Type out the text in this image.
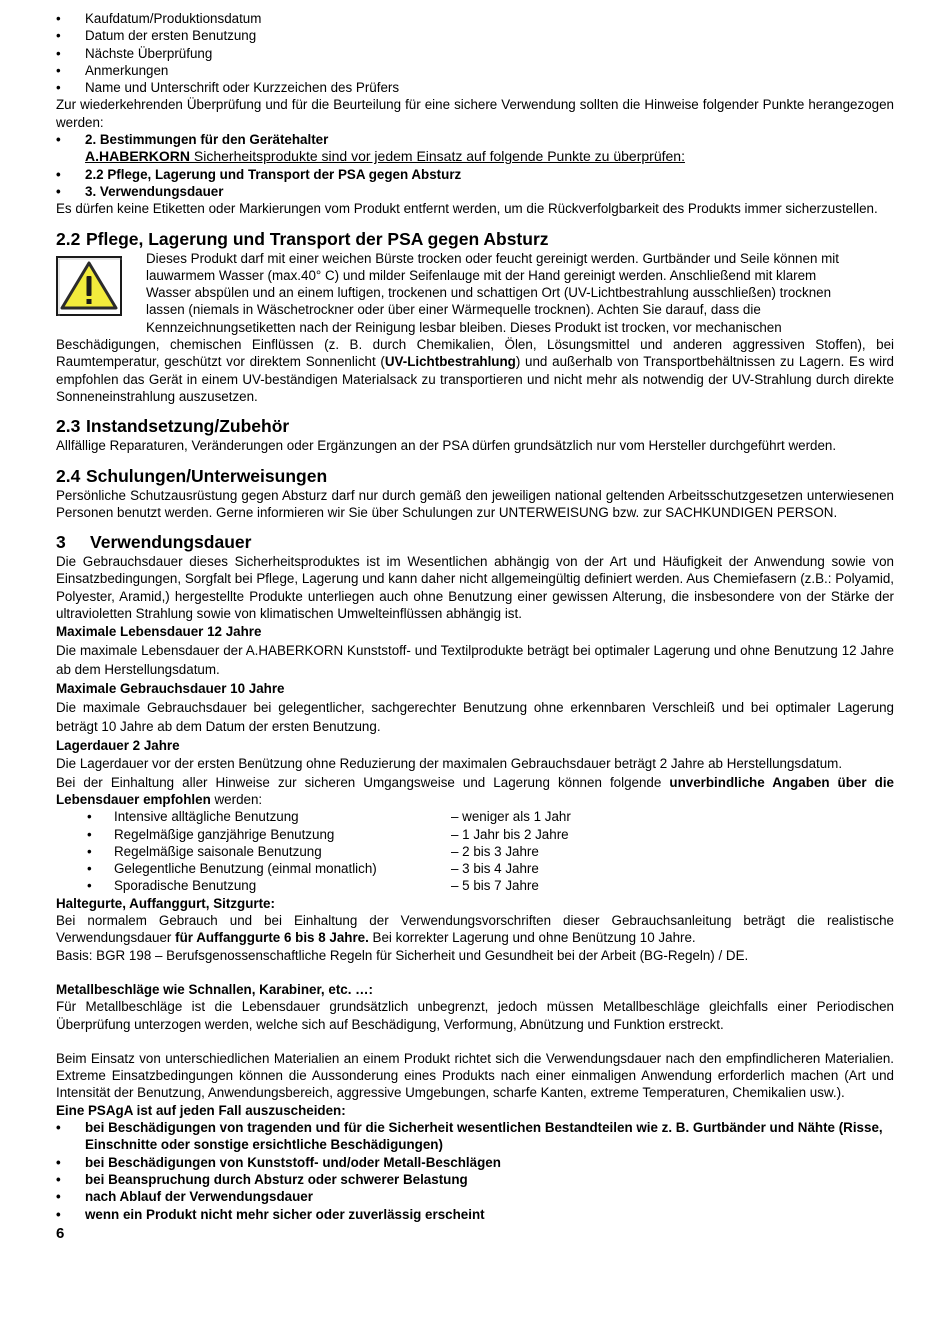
• Kaufdatum/Produktionsdatum
• Datum der ersten Benutzung
• Nächste Überprüfung
• Anmerkungen
• Name und Unterschrift oder Kurzzeichen des Prüfers

Zur wiederkehrenden Überprüfung und für die Beurteilung für eine sichere Verwendung sollten die Hinweise folgender Punkte herangezogen werden:

• 2. Bestimmungen für den Gerätehalter
A.HABERKORN Sicherheitsprodukte sind vor jedem Einsatz auf folgende Punkte zu überprüfen:
• 2.2 Pflege, Lagerung und Transport der PSA gegen Absturz
• 3. Verwendungsdauer

Es dürfen keine Etiketten oder Markierungen vom Produkt entfernt werden, um die Rückverfolgbarkeit des Produkts immer sicherzustellen.

2.2 Pflege, Lagerung und Transport der PSA gegen Absturz

Dieses Produkt darf mit einer weichen Bürste trocken oder feucht gereinigt werden. Gurtbänder und Seile können mit

lauwarmem Wasser (max.40° C) und milder Seifenlauge mit der Hand gereinigt werden. Anschließend mit klarem

Wasser abspülen und an einem luftigen, trockenen und schattigen Ort (UV-Lichtbestrahlung ausschließen) trocknen

lassen (niemals in Wäschetrockner oder über einer Wärmequelle trocknen). Achten Sie darauf, dass die

Kennzeichnungsetiketten nach der Reinigung lesbar bleiben. Dieses Produkt ist trocken, vor mechanischen

Beschädigungen, chemischen Einflüssen (z. B. durch Chemikalien, Ölen, Lösungsmittel und anderen aggressiven Stoffen), bei Raumtemperatur, geschützt vor direktem Sonnenlicht (UV-Lichtbestrahlung) und außerhalb von Transportbehältnissen zu Lagern. Es wird empfohlen das Gerät in einem UV-beständigen Materialsack zu transportieren und nicht mehr als notwendig der UV-Strahlung durch direkte Sonneneinstrahlung auszusetzen.

2.3 Instandsetzung/Zubehör

Allfällige Reparaturen, Veränderungen oder Ergänzungen an der PSA dürfen grundsätzlich nur vom Hersteller durchgeführt werden.

2.4 Schulungen/Unterweisungen

Persönliche Schutzausrüstung gegen Absturz darf nur durch gemäß den jeweiligen national geltenden Arbeitsschutzgesetzen unterwiesenen Personen benutzt werden. Gerne informieren wir Sie über Schulungen zur UNTERWEISUNG bzw. zur SACHKUNDIGEN PERSON.

3	Verwendungsdauer

Die Gebrauchsdauer dieses Sicherheitsproduktes ist im Wesentlichen abhängig von der Art und Häufigkeit der Anwendung sowie von Einsatzbedingungen, Sorgfalt bei Pflege, Lagerung und kann daher nicht allgemeingültig definiert werden. Aus Chemiefasern (z.B.: Polyamid, Polyester, Aramid,) hergestellte Produkte unterliegen auch ohne Benutzung einer gewissen Alterung, die insbesondere von der Stärke der ultravioletten Strahlung sowie von klimatischen Umwelteinflüssen abhängig ist.

Maximale Lebensdauer 12 Jahre

Die maximale Lebensdauer der A.HABERKORN Kunststoff- und Textilprodukte beträgt bei optimaler Lagerung und ohne Benutzung 12 Jahre ab dem Herstellungsdatum.

Maximale Gebrauchsdauer 10 Jahre

Die maximale Gebrauchsdauer bei gelegentlicher, sachgerechter Benutzung ohne erkennbaren Verschleiß und bei optimaler Lagerung beträgt 10 Jahre ab dem Datum der ersten Benutzung.

Lagerdauer 2 Jahre

Die Lagerdauer vor der ersten Benützung ohne Reduzierung der maximalen Gebrauchsdauer beträgt 2 Jahre ab Herstellungsdatum.

Bei der Einhaltung aller Hinweise zur sicheren Umgangsweise und Lagerung können folgende unverbindliche Angaben über die Lebensdauer empfohlen werden:

• Intensive alltägliche Benutzung	– weniger als 1 Jahr
• Regelmäßige ganzjährige Benutzung	– 1 Jahr bis 2 Jahre
• Regelmäßige saisonale Benutzung	– 2 bis 3 Jahre
• Gelegentliche Benutzung (einmal monatlich)	– 3 bis 4 Jahre
• Sporadische Benutzung	– 5 bis 7 Jahre

Haltegurte, Auffanggurt, Sitzgurte:

Bei normalem Gebrauch und bei Einhaltung der Verwendungsvorschriften dieser Gebrauchsanleitung beträgt die realistische Verwendungsdauer für Auffanggurte 6 bis 8 Jahre. Bei korrekter Lagerung und ohne Benützung 10 Jahre.

Basis: BGR 198 – Berufsgenossenschaftliche Regeln für Sicherheit und Gesundheit bei der Arbeit (BG-Regeln) / DE.

Metallbeschläge wie Schnallen, Karabiner, etc. …:

Für Metallbeschläge ist die Lebensdauer grundsätzlich unbegrenzt, jedoch müssen Metallbeschläge gleichfalls einer Periodischen Überprüfung unterzogen werden, welche sich auf Beschädigung, Verformung, Abnützung und Funktion erstreckt.

Beim Einsatz von unterschiedlichen Materialien an einem Produkt richtet sich die Verwendungsdauer nach den empfindlicheren Materialien. Extreme Einsatzbedingungen können die Aussonderung eines Produkts nach einer einmaligen Anwendung erforderlich machen (Art und Intensität der Benutzung, Anwendungsbereich, aggressive Umgebungen, scharfe Kanten, extreme Temperaturen, Chemikalien usw.).

Eine PSAgA ist auf jeden Fall auszuscheiden:

• bei Beschädigungen von tragenden und für die Sicherheit wesentlichen Bestandteilen wie z. B. Gurtbänder und Nähte (Risse, Einschnitte oder sonstige ersichtliche Beschädigungen)
• bei Beschädigungen von Kunststoff- und/oder Metall-Beschlägen
• bei Beanspruchung durch Absturz oder schwerer Belastung
• nach Ablauf der Verwendungsdauer
• wenn ein Produkt nicht mehr sicher oder zuverlässig erscheint
6
